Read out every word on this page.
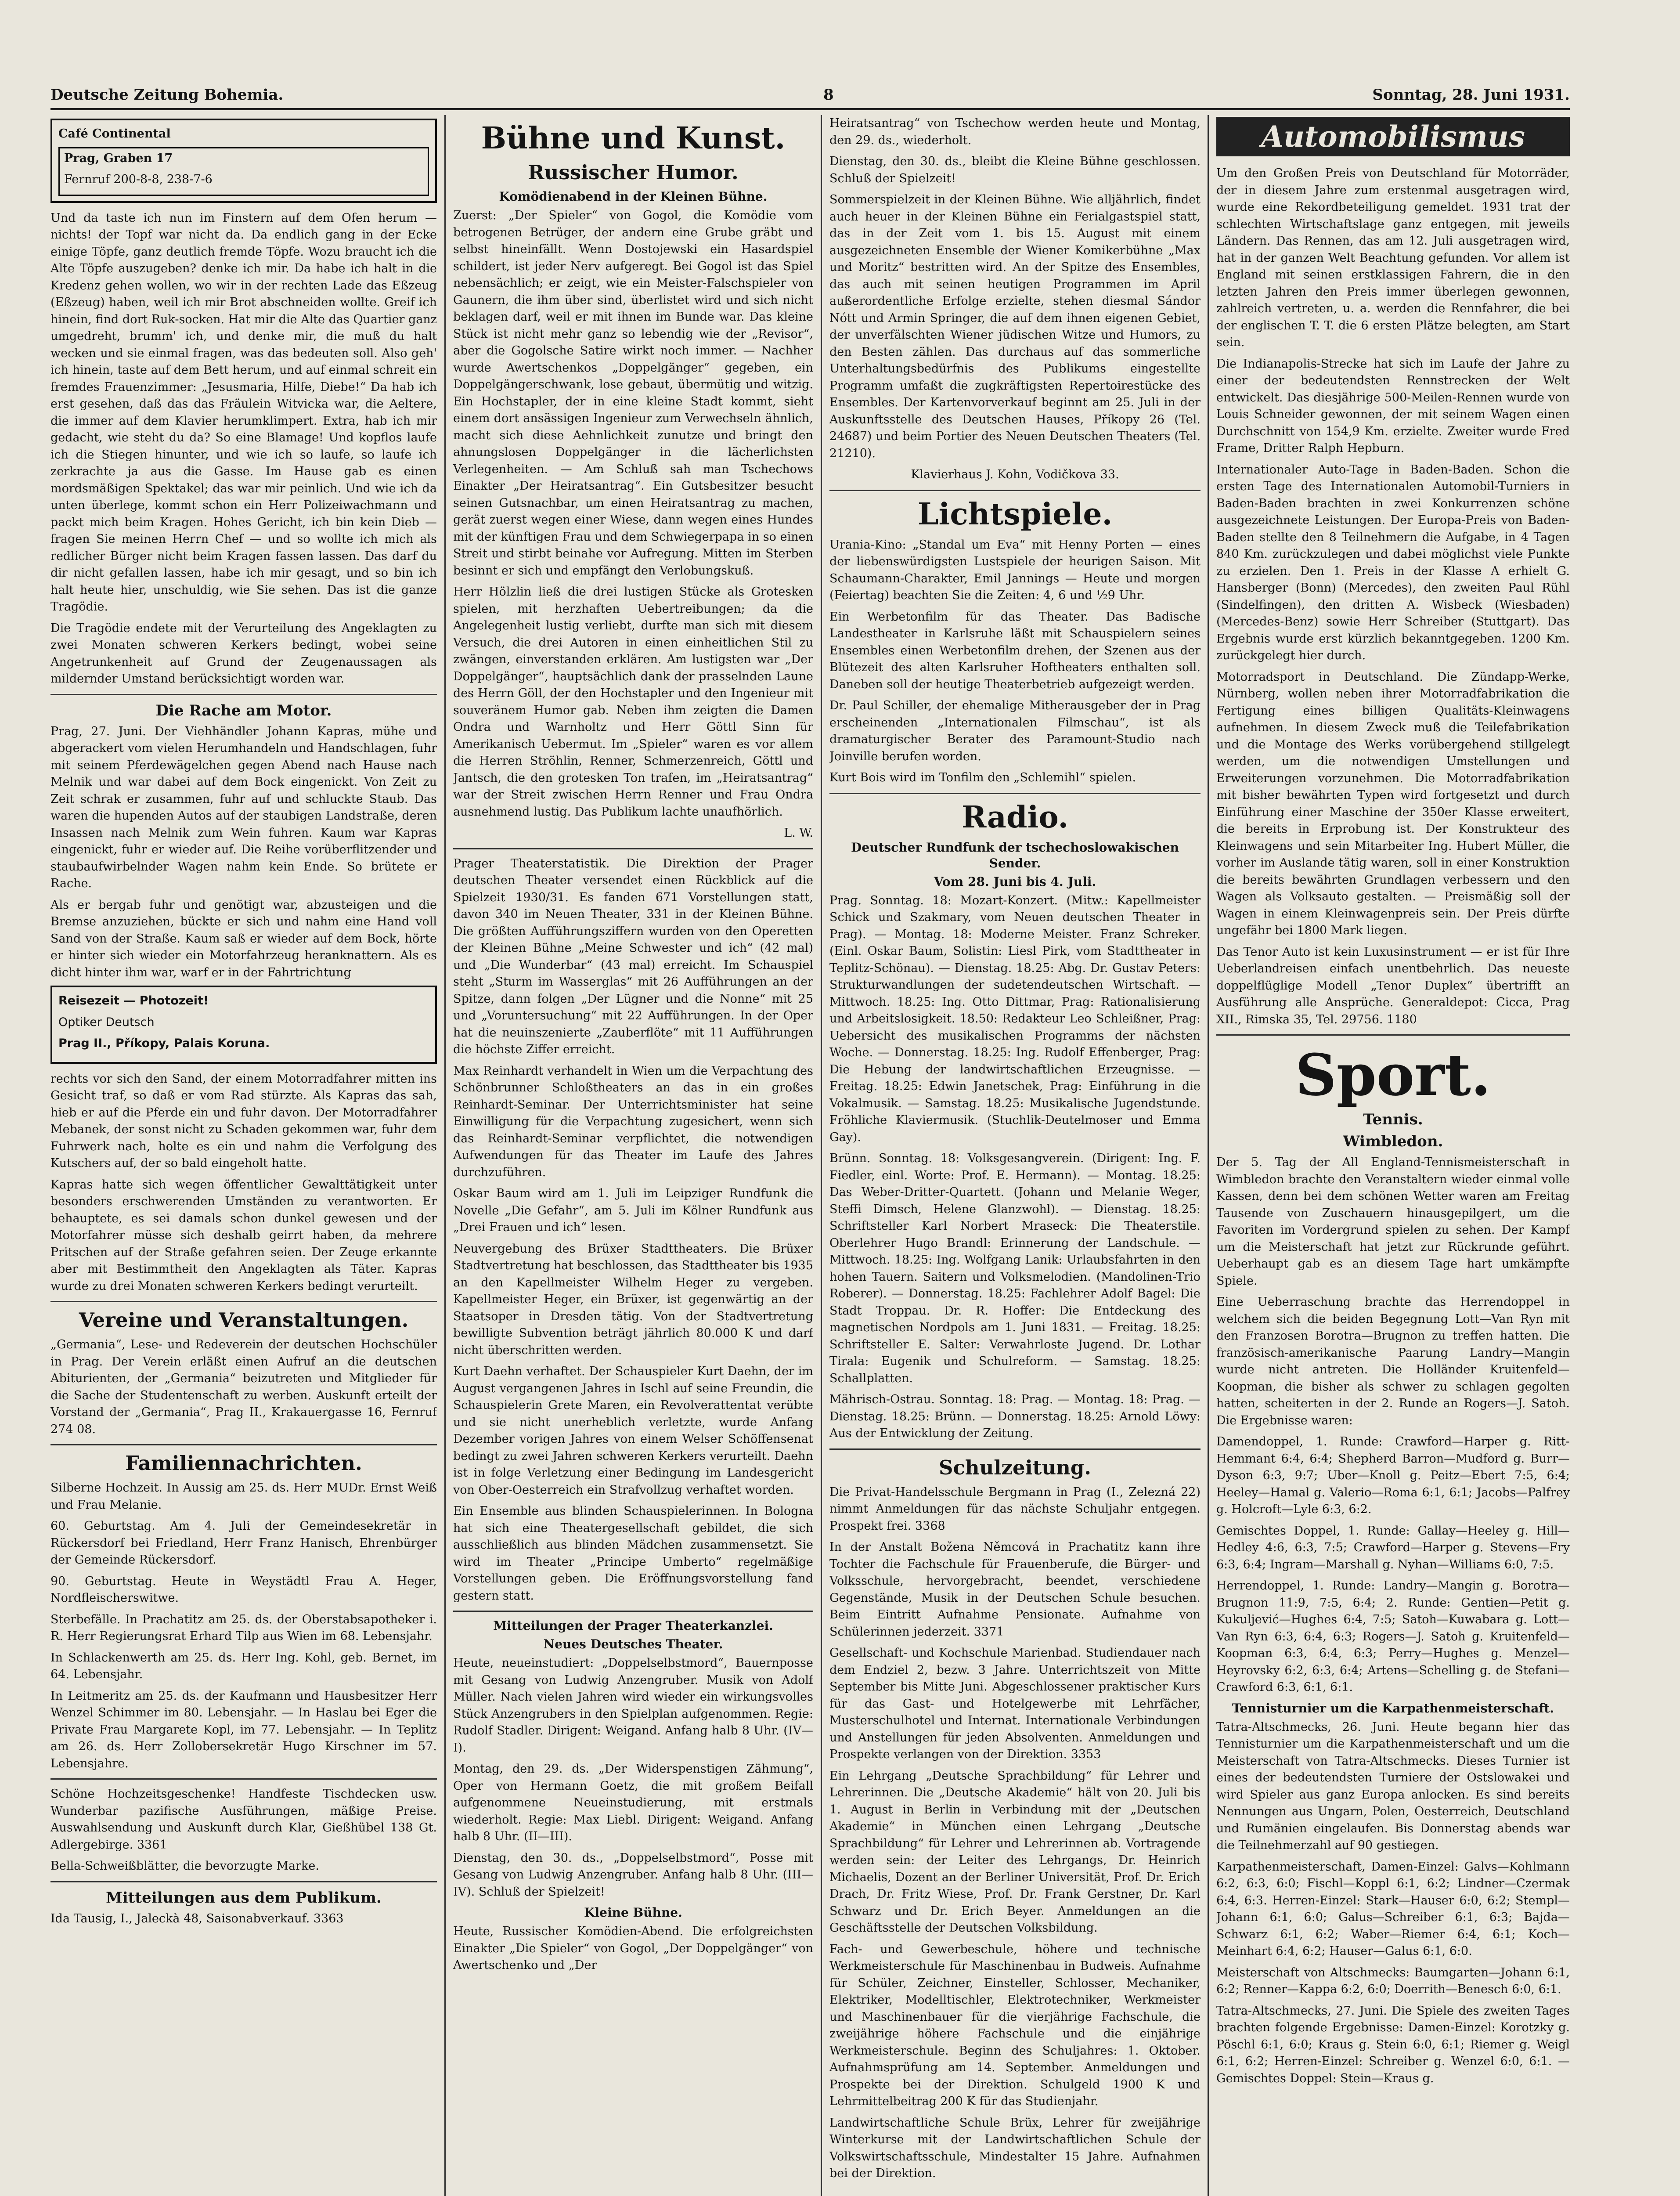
Deutsche Zeitung Bohemia.	8	Sonntag, 28. Juni 1931.

Café Continental

Prag, Graben 17

Fernruf 200-8-8, 238-7-6

Und da taste ich nun im Finstern auf dem Ofen herum — nichts! der Topf war nicht da. Da endlich gang in der Ecke einige Töpfe, ganz deutlich fremde Töpfe. Wozu braucht ich die Alte Töpfe auszugeben? denke ich mir. Da habe ich halt in die Kredenz gehen wollen, wo wir in der rechten Lade das Eßzeug (Eßzeug) haben, weil ich mir Brot abschneiden wollte. Greif ich hinein, find dort Ruk-socken. Hat mir die Alte das Quartier ganz umgedreht, brumm' ich, und denke mir, die muß du halt wecken und sie einmal fragen, was das bedeuten soll. Also geh' ich hinein, taste auf dem Bett herum, und auf einmal schreit ein fremdes Frauenzimmer: „Jesusmaria, Hilfe, Diebe!“ Da hab ich erst gesehen, daß das das Fräulein Witvicka war, die Aeltere, die immer auf dem Klavier herumklimpert. Extra, hab ich mir gedacht, wie steht du da? So eine Blamage! Und kopflos laufe ich die Stiegen hinunter, und wie ich so laufe, so laufe ich zerkrachte ja aus die Gasse. Im Hause gab es einen mordsmäßigen Spektakel; das war mir peinlich. Und wie ich da unten überlege, kommt schon ein Herr Polizeiwachmann und packt mich beim Kragen. Hohes Gericht, ich bin kein Dieb — fragen Sie meinen Herrn Chef — und so wollte ich mich als redlicher Bürger nicht beim Kragen fassen lassen. Das darf du dir nicht gefallen lassen, habe ich mir gesagt, und so bin ich halt heute hier, unschuldig, wie Sie sehen. Das ist die ganze Tragödie.

Die Tragödie endete mit der Verurteilung des Angeklagten zu zwei Monaten schweren Kerkers bedingt, wobei seine Angetrunkenheit auf Grund der Zeugenaussagen als mildernder Umstand berücksichtigt worden war.

Die Rache am Motor.

Prag, 27. Juni. Der Viehhändler Johann Kapras, mühe und abgerackert vom vielen Herumhandeln und Handschlagen, fuhr mit seinem Pferdewägelchen gegen Abend nach Hause nach Melnik und war dabei auf dem Bock eingenickt. Von Zeit zu Zeit schrak er zusammen, fuhr auf und schluckte Staub. Das waren die hupenden Autos auf der staubigen Landstraße, deren Insassen nach Melnik zum Wein fuhren. Kaum war Kapras eingenickt, fuhr er wieder auf. Die Reihe vorüberflitzender und staubaufwirbelnder Wagen nahm kein Ende. So brütete er Rache.

Als er bergab fuhr und genötigt war, abzusteigen und die Bremse anzuziehen, bückte er sich und nahm eine Hand voll Sand von der Straße. Kaum saß er wieder auf dem Bock, hörte er hinter sich wieder ein Motorfahrzeug heranknattern. Als es dicht hinter ihm war, warf er in der Fahrtrichtung

Reisezeit — Photozeit!

Optiker Deutsch

Prag II., Příkopy, Palais Koruna.

rechts vor sich den Sand, der einem Motorradfahrer mitten ins Gesicht traf, so daß er vom Rad stürzte. Als Kapras das sah, hieb er auf die Pferde ein und fuhr davon. Der Motorradfahrer Mebanek, der sonst nicht zu Schaden gekommen war, fuhr dem Fuhrwerk nach, holte es ein und nahm die Verfolgung des Kutschers auf, der so bald eingeholt hatte.

Kapras hatte sich wegen öffentlicher Gewalttätigkeit unter besonders erschwerenden Umständen zu verantworten. Er behauptete, es sei damals schon dunkel gewesen und der Motorfahrer müsse sich deshalb geirrt haben, da mehrere Pritschen auf der Straße gefahren seien. Der Zeuge erkannte aber mit Bestimmtheit den Angeklagten als Täter. Kapras wurde zu drei Monaten schweren Kerkers bedingt verurteilt.

Vereine und Veranstaltungen.

„Germania“, Lese- und Redeverein der deutschen Hochschüler in Prag. Der Verein erläßt einen Aufruf an die deutschen Abiturienten, der „Germania“ beizutreten und Mitglieder für die Sache der Studentenschaft zu werben. Auskunft erteilt der Vorstand der „Germania“, Prag II., Krakauergasse 16, Fernruf 274 08.

Familiennachrichten.

Silberne Hochzeit. In Aussig am 25. ds. Herr MUDr. Ernst Weiß und Frau Melanie.

60. Geburtstag. Am 4. Juli der Gemeindesekretär in Rückersdorf bei Friedland, Herr Franz Hanisch, Ehrenbürger der Gemeinde Rückersdorf.

90. Geburtstag. Heute in Weystädtl Frau A. Heger, Nordfleischerswitwe.

Sterbefälle. In Prachatitz am 25. ds. der Oberstabsapotheker i. R. Herr Regierungsrat Erhard Tilp aus Wien im 68. Lebensjahr.

In Schlackenwerth am 25. ds. Herr Ing. Kohl, geb. Bernet, im 64. Lebensjahr.

In Leitmeritz am 25. ds. der Kaufmann und Hausbesitzer Herr Wenzel Schimmer im 80. Lebensjahr. — In Haslau bei Eger die Private Frau Margarete Kopl, im 77. Lebensjahr. — In Teplitz am 26. ds. Herr Zollobersekretär Hugo Kirschner im 57. Lebensjahre.

Schöne Hochzeitsgeschenke! Handfeste Tischdecken usw. Wunderbar pazifische Ausführungen, mäßige Preise. Auswahlsendung und Auskunft durch Klar, Gießhübel 138 Gt. Adlergebirge. 3361

Bella-Schweißblätter, die bevorzugte Marke.

Mitteilungen aus dem Publikum.

Ida Tausig, I., Jaleckà 48, Saisonabverkauf. 3363

Bühne und Kunst.
Russischer Humor.
Komödienabend in der Kleinen Bühne.

Zuerst: „Der Spieler“ von Gogol, die Komödie vom betrogenen Betrüger, der andern eine Grube gräbt und selbst hineinfällt. Wenn Dostojewski ein Hasardspiel schildert, ist jeder Nerv aufgeregt. Bei Gogol ist das Spiel nebensächlich; er zeigt, wie ein Meister-Falschspieler von Gaunern, die ihm über sind, überlistet wird und sich nicht beklagen darf, weil er mit ihnen im Bunde war. Das kleine Stück ist nicht mehr ganz so lebendig wie der „Revisor“, aber die Gogolsche Satire wirkt noch immer. — Nachher wurde Awertschenkos „Doppelgänger“ gegeben, ein Doppelgängerschwank, lose gebaut, übermütig und witzig. Ein Hochstapler, der in eine kleine Stadt kommt, sieht einem dort ansässigen Ingenieur zum Verwechseln ähnlich, macht sich diese Aehnlichkeit zunutze und bringt den ahnungslosen Doppelgänger in die lächerlichsten Verlegenheiten. — Am Schluß sah man Tschechows Einakter „Der Heiratsantrag“. Ein Gutsbesitzer besucht seinen Gutsnachbar, um einen Heiratsantrag zu machen, gerät zuerst wegen einer Wiese, dann wegen eines Hundes mit der künftigen Frau und dem Schwiegerpapa in so einen Streit und stirbt beinahe vor Aufregung. Mitten im Sterben besinnt er sich und empfängt den Verlobungskuß.

Herr Hölzlin ließ die drei lustigen Stücke als Grotesken spielen, mit herzhaften Uebertreibungen; da die Angelegenheit lustig verliebt, durfte man sich mit diesem Versuch, die drei Autoren in einen einheitlichen Stil zu zwängen, einverstanden erklären. Am lustigsten war „Der Doppelgänger“, hauptsächlich dank der prasselnden Laune des Herrn Göll, der den Hochstapler und den Ingenieur mit souveränem Humor gab. Neben ihm zeigten die Damen Ondra und Warnholtz und Herr Göttl Sinn für Amerikanisch Uebermut. Im „Spieler“ waren es vor allem die Herren Ströhlin, Renner, Schmerzenreich, Göttl und Jantsch, die den grotesken Ton trafen, im „Heiratsantrag“ war der Streit zwischen Herrn Renner und Frau Ondra ausnehmend lustig. Das Publikum lachte unaufhörlich.

L. W.

Prager Theaterstatistik. Die Direktion der Prager deutschen Theater versendet einen Rückblick auf die Spielzeit 1930/31. Es fanden 671 Vorstellungen statt, davon 340 im Neuen Theater, 331 in der Kleinen Bühne. Die größten Aufführungsziffern wurden von den Operetten der Kleinen Bühne „Meine Schwester und ich“ (42 mal) und „Die Wunderbar“ (43 mal) erreicht. Im Schauspiel steht „Sturm im Wasserglas“ mit 26 Aufführungen an der Spitze, dann folgen „Der Lügner und die Nonne“ mit 25 und „Voruntersuchung“ mit 22 Aufführungen. In der Oper hat die neuinszenierte „Zauberflöte“ mit 11 Aufführungen die höchste Ziffer erreicht.

Max Reinhardt verhandelt in Wien um die Verpachtung des Schönbrunner Schloßtheaters an das in ein großes Reinhardt-Seminar. Der Unterrichtsminister hat seine Einwilligung für die Verpachtung zugesichert, wenn sich das Reinhardt-Seminar verpflichtet, die notwendigen Aufwendungen für das Theater im Laufe des Jahres durchzuführen.

Oskar Baum wird am 1. Juli im Leipziger Rundfunk die Novelle „Die Gefahr“, am 5. Juli im Kölner Rundfunk aus „Drei Frauen und ich“ lesen.

Neuvergebung des Brüxer Stadttheaters. Die Brüxer Stadtvertretung hat beschlossen, das Stadttheater bis 1935 an den Kapellmeister Wilhelm Heger zu vergeben. Kapellmeister Heger, ein Brüxer, ist gegenwärtig an der Staatsoper in Dresden tätig. Von der Stadtvertretung bewilligte Subvention beträgt jährlich 80.000 K und darf nicht überschritten werden.

Kurt Daehn verhaftet. Der Schauspieler Kurt Daehn, der im August vergangenen Jahres in Ischl auf seine Freundin, die Schauspielerin Grete Maren, ein Revolverattentat verübte und sie nicht unerheblich verletzte, wurde Anfang Dezember vorigen Jahres von einem Welser Schöffensenat bedingt zu zwei Jahren schweren Kerkers verurteilt. Daehn ist in folge Verletzung einer Bedingung im Landesgericht von Ober-Oesterreich ein Strafvollzug verhaftet worden.

Ein Ensemble aus blinden Schauspielerinnen. In Bologna hat sich eine Theatergesellschaft gebildet, die sich ausschließlich aus blinden Mädchen zusammensetzt. Sie wird im Theater „Principe Umberto“ regelmäßige Vorstellungen geben. Die Eröffnungsvorstellung fand gestern statt.

Mitteilungen der Prager Theaterkanzlei.
Neues Deutsches Theater.

Heute, neueinstudiert: „Doppelselbstmord“, Bauernposse mit Gesang von Ludwig Anzengruber. Musik von Adolf Müller. Nach vielen Jahren wird wieder ein wirkungsvolles Stück Anzengrubers in den Spielplan aufgenommen. Regie: Rudolf Stadler. Dirigent: Weigand. Anfang halb 8 Uhr. (IV—I).

Montag, den 29. ds. „Der Widerspenstigen Zähmung“, Oper von Hermann Goetz, die mit großem Beifall aufgenommene Neueinstudierung, mit erstmals wiederholt. Regie: Max Liebl. Dirigent: Weigand. Anfang halb 8 Uhr. (II—III).

Dienstag, den 30. ds., „Doppelselbstmord“, Posse mit Gesang von Ludwig Anzengruber. Anfang halb 8 Uhr. (III—IV). Schluß der Spielzeit!

Kleine Bühne.

Heute, Russischer Komödien-Abend. Die erfolgreichsten Einakter „Die Spieler“ von Gogol, „Der Doppelgänger“ von Awertschenko und „Der

Heiratsantrag“ von Tschechow werden heute und Montag, den 29. ds., wiederholt.

Dienstag, den 30. ds., bleibt die Kleine Bühne geschlossen. Schluß der Spielzeit!

Sommerspielzeit in der Kleinen Bühne. Wie alljährlich, findet auch heuer in der Kleinen Bühne ein Ferialgastspiel statt, das in der Zeit vom 1. bis 15. August mit einem ausgezeichneten Ensemble der Wiener Komikerbühne „Max und Moritz“ bestritten wird. An der Spitze des Ensembles, das auch mit seinen heutigen Programmen im April außerordentliche Erfolge erzielte, stehen diesmal Sándor Nótt und Armin Springer, die auf dem ihnen eigenen Gebiet, der unverfälschten Wiener jüdischen Witze und Humors, zu den Besten zählen. Das durchaus auf das sommerliche Unterhaltungsbedürfnis des Publikums eingestellte Programm umfaßt die zugkräftigsten Repertoirestücke des Ensembles. Der Kartenvorverkauf beginnt am 25. Juli in der Auskunftsstelle des Deutschen Hauses, Příkopy 26 (Tel. 24687) und beim Portier des Neuen Deutschen Theaters (Tel. 21210).

Klavierhaus J. Kohn, Vodičkova 33.

Lichtspiele.

Urania-Kino: „Standal um Eva“ mit Henny Porten — eines der liebenswürdigsten Lustspiele der heurigen Saison. Mit Schaumann-Charakter, Emil Jannings — Heute und morgen (Feiertag) beachten Sie die Zeiten: 4, 6 und ½9 Uhr.

Ein Werbetonfilm für das Theater. Das Badische Landestheater in Karlsruhe läßt mit Schauspielern seines Ensembles einen Werbetonfilm drehen, der Szenen aus der Blütezeit des alten Karlsruher Hoftheaters enthalten soll. Daneben soll der heutige Theaterbetrieb aufgezeigt werden.

Dr. Paul Schiller, der ehemalige Mitherausgeber der in Prag erscheinenden „Internationalen Filmschau“, ist als dramaturgischer Berater des Paramount-Studio nach Joinville berufen worden.

Kurt Bois wird im Tonfilm den „Schlemihl“ spielen.

Radio.
Deutscher Rundfunk der tschechoslowakischen Sender.
Vom 28. Juni bis 4. Juli.

Prag. Sonntag. 18: Mozart-Konzert. (Mitw.: Kapellmeister Schick und Szakmary, vom Neuen deutschen Theater in Prag). — Montag. 18: Moderne Meister. Franz Schreker. (Einl. Oskar Baum, Solistin: Liesl Pirk, vom Stadttheater in Teplitz-Schönau). — Dienstag. 18.25: Abg. Dr. Gustav Peters: Strukturwandlungen der sudetendeutschen Wirtschaft. — Mittwoch. 18.25: Ing. Otto Dittmar, Prag: Rationalisierung und Arbeitslosigkeit. 18.50: Redakteur Leo Schleißner, Prag: Uebersicht des musikalischen Programms der nächsten Woche. — Donnerstag. 18.25: Ing. Rudolf Effenberger, Prag: Die Hebung der landwirtschaftlichen Erzeugnisse. — Freitag. 18.25: Edwin Janetschek, Prag: Einführung in die Vokalmusik. — Samstag. 18.25: Musikalische Jugendstunde. Fröhliche Klaviermusik. (Stuchlik-Deutelmoser und Emma Gay).

Brünn. Sonntag. 18: Volksgesangverein. (Dirigent: Ing. F. Fiedler, einl. Worte: Prof. E. Hermann). — Montag. 18.25: Das Weber-Dritter-Quartett. (Johann und Melanie Weger, Steffi Dimsch, Helene Glanzwohl). — Dienstag. 18.25: Schriftsteller Karl Norbert Mraseck: Die Theaterstile. Oberlehrer Hugo Brandl: Erinnerung der Landschule. — Mittwoch. 18.25: Ing. Wolfgang Lanik: Urlaubsfahrten in den hohen Tauern. Saitern und Volksmelodien. (Mandolinen-Trio Roberer). — Donnerstag. 18.25: Fachlehrer Adolf Bagel: Die Stadt Troppau. Dr. R. Hoffer: Die Entdeckung des magnetischen Nordpols am 1. Juni 1831. — Freitag. 18.25: Schriftsteller E. Salter: Verwahrloste Jugend. Dr. Lothar Tirala: Eugenik und Schulreform. — Samstag. 18.25: Schallplatten.

Mährisch-Ostrau. Sonntag. 18: Prag. — Montag. 18: Prag. — Dienstag. 18.25: Brünn. — Donnerstag. 18.25: Arnold Löwy: Aus der Entwicklung der Zeitung.

Schulzeitung.

Die Privat-Handelsschule Bergmann in Prag (I., Zelezná 22) nimmt Anmeldungen für das nächste Schuljahr entgegen. Prospekt frei. 3368

In der Anstalt Božena Němcová in Prachatitz kann ihre Tochter die Fachschule für Frauenberufe, die Bürger- und Volksschule, hervorgebracht, beendet, verschiedene Gegenstände, Musik in der Deutschen Schule besuchen. Beim Eintritt Aufnahme Pensionate. Aufnahme von Schülerinnen jederzeit. 3371

Gesellschaft- und Kochschule Marienbad. Studiendauer nach dem Endziel 2, bezw. 3 Jahre. Unterrichtszeit von Mitte September bis Mitte Juni. Abgeschlossener praktischer Kurs für das Gast- und Hotelgewerbe mit Lehrfächer, Musterschulhotel und Internat. Internationale Verbindungen und Anstellungen für jeden Absolventen. Anmeldungen und Prospekte verlangen von der Direktion. 3353

Ein Lehrgang „Deutsche Sprachbildung“ für Lehrer und Lehrerinnen. Die „Deutsche Akademie“ hält von 20. Juli bis 1. August in Berlin in Verbindung mit der „Deutschen Akademie“ in München einen Lehrgang „Deutsche Sprachbildung“ für Lehrer und Lehrerinnen ab. Vortragende werden sein: der Leiter des Lehrgangs, Dr. Heinrich Michaelis, Dozent an der Berliner Universität, Prof. Dr. Erich Drach, Dr. Fritz Wiese, Prof. Dr. Frank Gerstner, Dr. Karl Schwarz und Dr. Erich Beyer. Anmeldungen an die Geschäftsstelle der Deutschen Volksbildung.

Fach- und Gewerbeschule, höhere und technische Werkmeisterschule für Maschinenbau in Budweis. Aufnahme für Schüler, Zeichner, Einsteller, Schlosser, Mechaniker, Elektriker, Modelltischler, Elektrotechniker, Werkmeister und Maschinenbauer für die vierjährige Fachschule, die zweijährige höhere Fachschule und die einjährige Werkmeisterschule. Beginn des Schuljahres: 1. Oktober. Aufnahmsprüfung am 14. September. Anmeldungen und Prospekte bei der Direktion. Schulgeld 1900 K und Lehrmittelbeitrag 200 K für das Studienjahr.

Landwirtschaftliche Schule Brüx, Lehrer für zweijährige Winterkurse mit der Landwirtschaftlichen Schule der Volkswirtschaftsschule, Mindestalter 15 Jahre. Aufnahmen bei der Direktion.

Automobilismus

Um den Großen Preis von Deutschland für Motorräder, der in diesem Jahre zum erstenmal ausgetragen wird, wurde eine Rekordbeteiligung gemeldet. 1931 trat der schlechten Wirtschaftslage ganz entgegen, mit jeweils Ländern. Das Rennen, das am 12. Juli ausgetragen wird, hat in der ganzen Welt Beachtung gefunden. Vor allem ist England mit seinen erstklassigen Fahrern, die in den letzten Jahren den Preis immer überlegen gewonnen, zahlreich vertreten, u. a. werden die Rennfahrer, die bei der englischen T. T. die 6 ersten Plätze belegten, am Start sein.

Die Indianapolis-Strecke hat sich im Laufe der Jahre zu einer der bedeutendsten Rennstrecken der Welt entwickelt. Das diesjährige 500-Meilen-Rennen wurde von Louis Schneider gewonnen, der mit seinem Wagen einen Durchschnitt von 154,9 Km. erzielte. Zweiter wurde Fred Frame, Dritter Ralph Hepburn.

Internationaler Auto-Tage in Baden-Baden. Schon die ersten Tage des Internationalen Automobil-Turniers in Baden-Baden brachten in zwei Konkurrenzen schöne ausgezeichnete Leistungen. Der Europa-Preis von Baden-Baden stellte den 8 Teilnehmern die Aufgabe, in 4 Tagen 840 Km. zurückzulegen und dabei möglichst viele Punkte zu erzielen. Den 1. Preis in der Klasse A erhielt G. Hansberger (Bonn) (Mercedes), den zweiten Paul Rühl (Sindelfingen), den dritten A. Wisbeck (Wiesbaden) (Mercedes-Benz) sowie Herr Schreiber (Stuttgart). Das Ergebnis wurde erst kürzlich bekanntgegeben. 1200 Km. zurückgelegt hier durch.

Motorradsport in Deutschland. Die Zündapp-Werke, Nürnberg, wollen neben ihrer Motorradfabrikation die Fertigung eines billigen Qualitäts-Kleinwagens aufnehmen. In diesem Zweck muß die Teilefabrikation und die Montage des Werks vorübergehend stillgelegt werden, um die notwendigen Umstellungen und Erweiterungen vorzunehmen. Die Motorradfabrikation mit bisher bewährten Typen wird fortgesetzt und durch Einführung einer Maschine der 350er Klasse erweitert, die bereits in Erprobung ist. Der Konstrukteur des Kleinwagens und sein Mitarbeiter Ing. Hubert Müller, die vorher im Auslande tätig waren, soll in einer Konstruktion die bereits bewährten Grundlagen verbessern und den Wagen als Volksauto gestalten. — Preismäßig soll der Wagen in einem Kleinwagenpreis sein. Der Preis dürfte ungefähr bei 1800 Mark liegen.

Das Tenor Auto ist kein Luxusinstrument — er ist für Ihre Ueberlandreisen einfach unentbehrlich. Das neueste doppelflüglige Modell „Tenor Duplex“ übertrifft an Ausführung alle Ansprüche. Generaldepot: Cicca, Prag XII., Rimska 35, Tel. 29756. 1180

Sport.
Tennis.
Wimbledon.

Der 5. Tag der All England-Tennismeisterschaft in Wimbledon brachte den Veranstaltern wieder einmal volle Kassen, denn bei dem schönen Wetter waren am Freitag Tausende von Zuschauern hinausgepilgert, um die Favoriten im Vordergrund spielen zu sehen. Der Kampf um die Meisterschaft hat jetzt zur Rückrunde geführt. Ueberhaupt gab es an diesem Tage hart umkämpfte Spiele.

Eine Ueberraschung brachte das Herrendoppel in welchem sich die beiden Begegnung Lott—Van Ryn mit den Franzosen Borotra—Brugnon zu treffen hatten. Die französisch-amerikanische Paarung Landry—Mangin wurde nicht antreten. Die Holländer Kruitenfeld—Koopman, die bisher als schwer zu schlagen gegolten hatten, scheiterten in der 2. Runde an Rogers—J. Satoh. Die Ergebnisse waren:

Damendoppel, 1. Runde: Crawford—Harper g. Ritt-Hemmant 6:4, 6:4; Shepherd Barron—Mudford g. Burr—Dyson 6:3, 9:7; Uber—Knoll g. Peitz—Ebert 7:5, 6:4; Heeley—Hamal g. Valerio—Roma 6:1, 6:1; Jacobs—Palfrey g. Holcroft—Lyle 6:3, 6:2.

Gemischtes Doppel, 1. Runde: Gallay—Heeley g. Hill—Hedley 4:6, 6:3, 7:5; Crawford—Harper g. Stevens—Fry 6:3, 6:4; Ingram—Marshall g. Nyhan—Williams 6:0, 7:5.

Herrendoppel, 1. Runde: Landry—Mangin g. Borotra—Brugnon 11:9, 7:5, 6:4; 2. Runde: Gentien—Petit g. Kukuljević—Hughes 6:4, 7:5; Satoh—Kuwabara g. Lott—Van Ryn 6:3, 6:4, 6:3; Rogers—J. Satoh g. Kruitenfeld—Koopman 6:3, 6:4, 6:3; Perry—Hughes g. Menzel—Heyrovsky 6:2, 6:3, 6:4; Artens—Schelling g. de Stefani—Crawford 6:3, 6:1, 6:1.

Tennisturnier um die Karpathenmeisterschaft.

Tatra-Altschmecks, 26. Juni. Heute begann hier das Tennisturnier um die Karpathenmeisterschaft und um die Meisterschaft von Tatra-Altschmecks. Dieses Turnier ist eines der bedeutendsten Turniere der Ostslowakei und wird Spieler aus ganz Europa anlocken. Es sind bereits Nennungen aus Ungarn, Polen, Oesterreich, Deutschland und Rumänien eingelaufen. Bis Donnerstag abends war die Teilnehmerzahl auf 90 gestiegen.

Karpathenmeisterschaft, Damen-Einzel: Galvs—Kohlmann 6:2, 6:3, 6:0; Fischl—Koppl 6:1, 6:2; Lindner—Czermak 6:4, 6:3. Herren-Einzel: Stark—Hauser 6:0, 6:2; Stempl—Johann 6:1, 6:0; Galus—Schreiber 6:1, 6:3; Bajda—Schwarz 6:1, 6:2; Waber—Riemer 6:4, 6:1; Koch—Meinhart 6:4, 6:2; Hauser—Galus 6:1, 6:0.

Meisterschaft von Altschmecks: Baumgarten—Johann 6:1, 6:2; Renner—Kappa 6:2, 6:0; Doerrith—Benesch 6:0, 6:1.

Tatra-Altschmecks, 27. Juni. Die Spiele des zweiten Tages brachten folgende Ergebnisse: Damen-Einzel: Korotzky g. Pöschl 6:1, 6:0; Kraus g. Stein 6:0, 6:1; Riemer g. Weigl 6:1, 6:2; Herren-Einzel: Schreiber g. Wenzel 6:0, 6:1. — Gemischtes Doppel: Stein—Kraus g.
